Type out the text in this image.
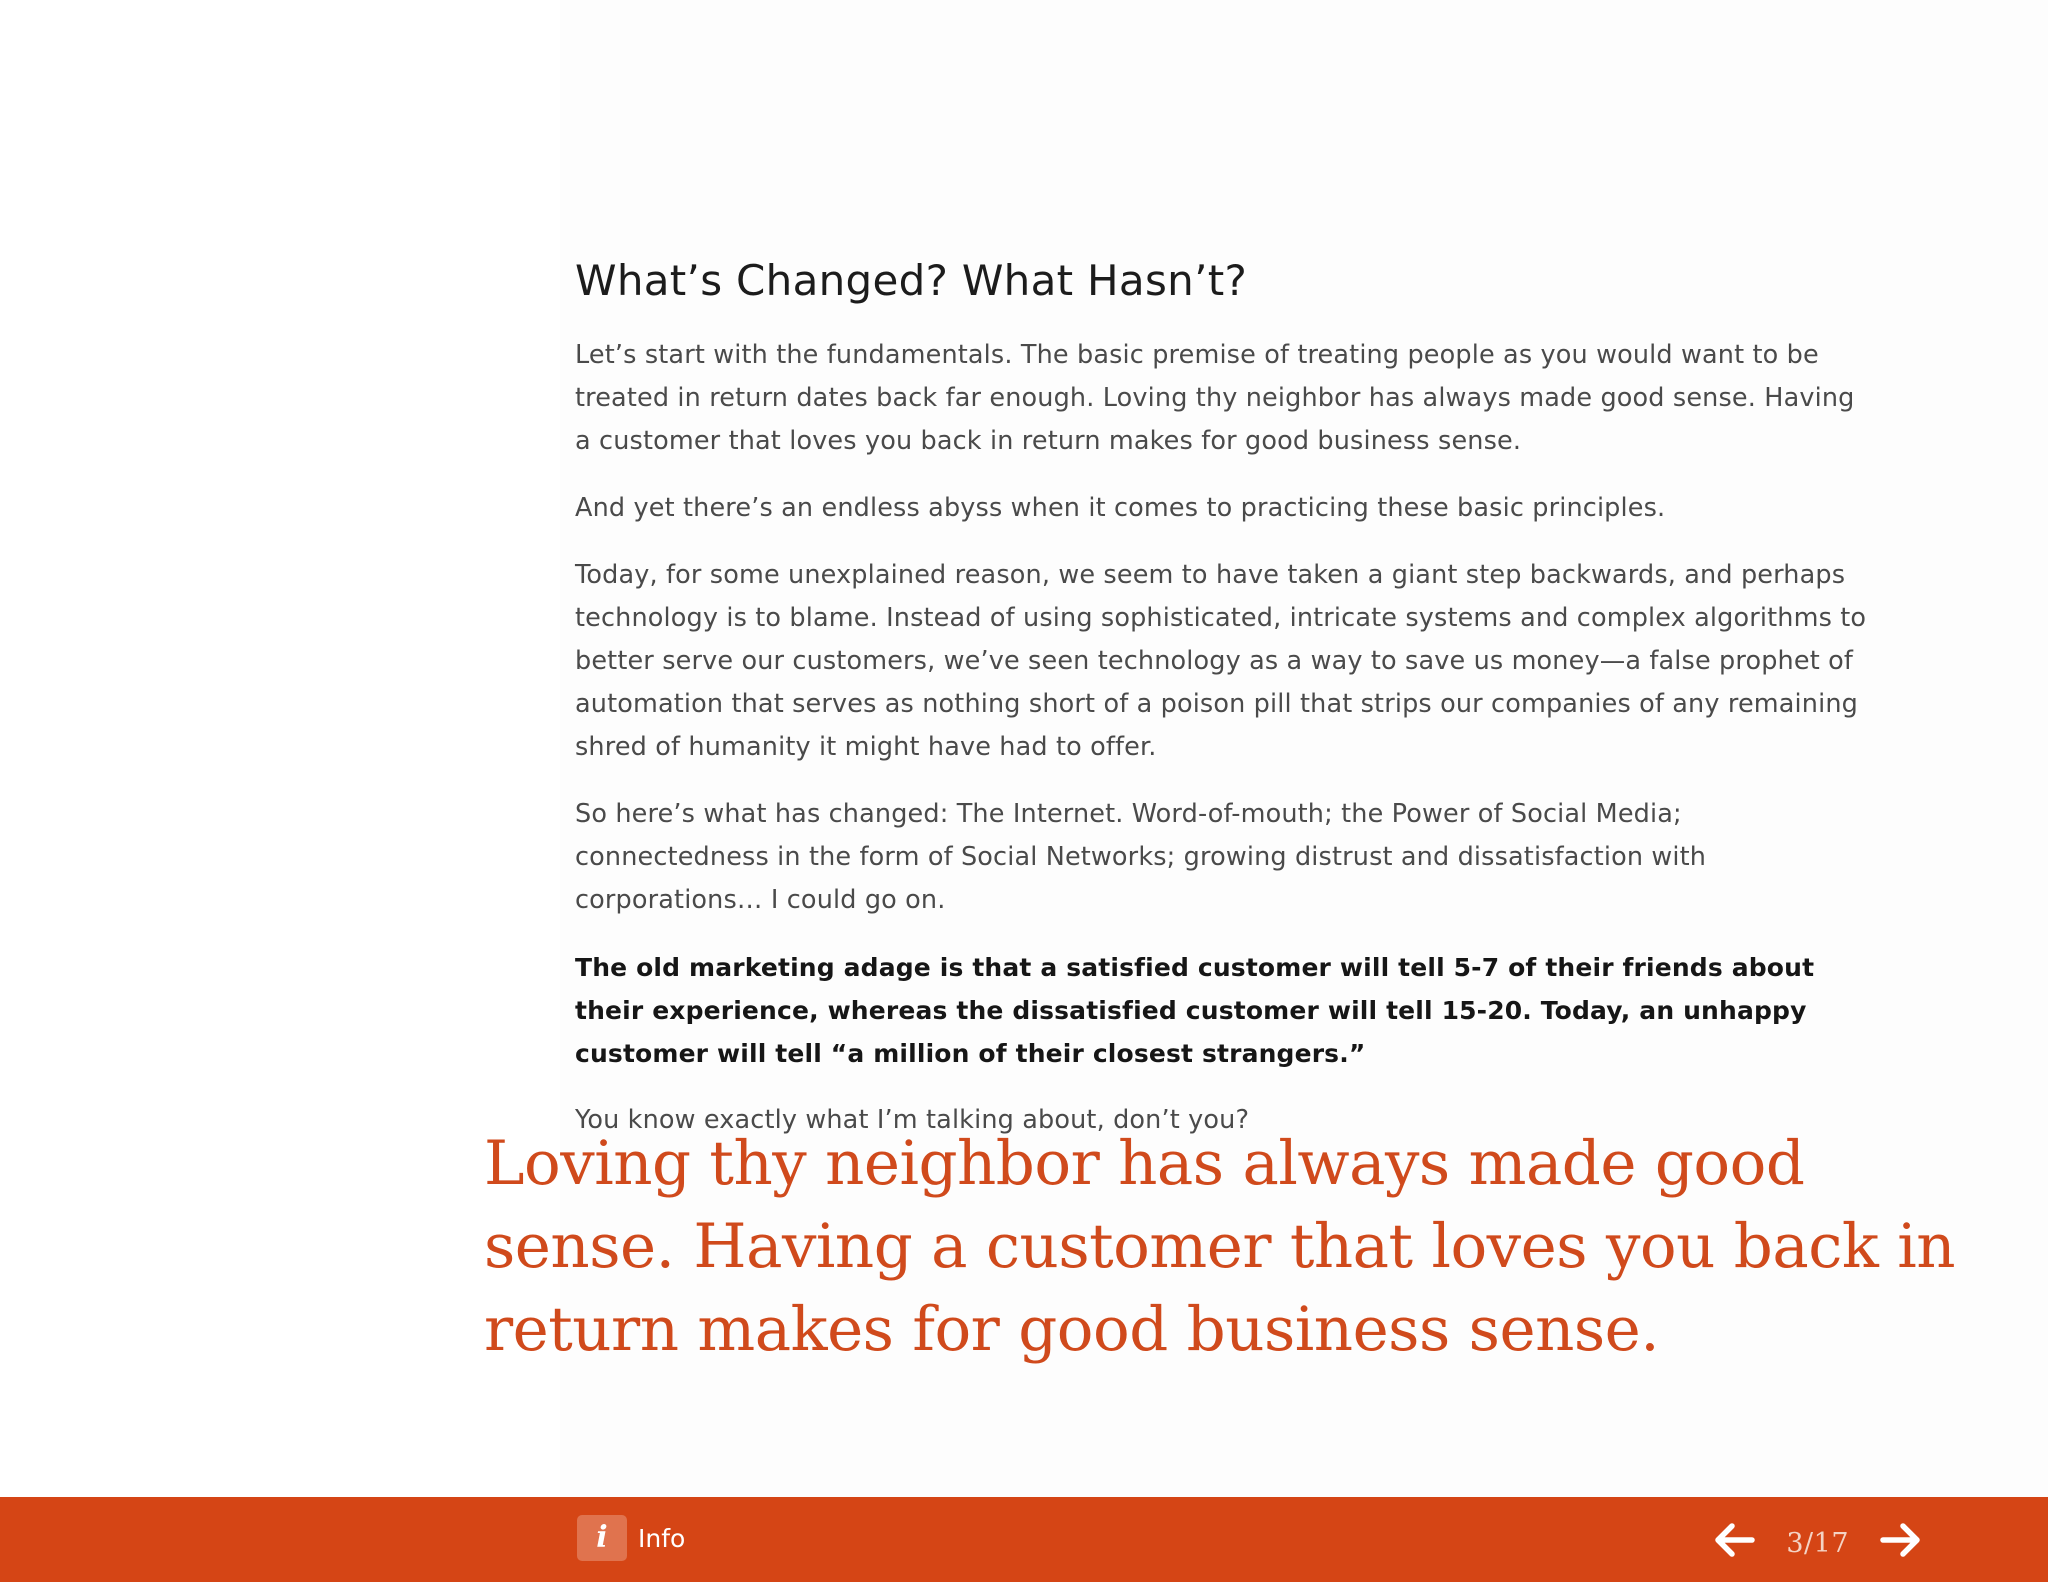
What’s Changed? What Hasn’t?

Let’s start with the fundamentals. The basic premise of treating people as you would want to be treated in return dates back far enough. Loving thy neighbor has always made good sense. Having a customer that loves you back in return makes for good business sense.

And yet there’s an endless abyss when it comes to practicing these basic principles.

Today, for some unexplained reason, we seem to have taken a giant step backwards, and perhaps technology is to blame. Instead of using sophisticated, intricate systems and complex algorithms to better serve our customers, we’ve seen technology as a way to save us money—a false prophet of automation that serves as nothing short of a poison pill that strips our companies of any remaining shred of humanity it might have had to offer.

So here’s what has changed: The Internet. Word-of-mouth; the Power of Social Media; connectedness in the form of Social Networks; growing distrust and dissatisfaction with corporations… I could go on.

The old marketing adage is that a satisfied customer will tell 5-7 of their friends about their experience, whereas the dissatisfied customer will tell 15-20. Today, an unhappy customer will tell “a million of their closest strangers.”

You know exactly what I’m talking about, don’t you?

Loving thy neighbor has always made good sense. Having a customer that loves you back in return makes for good business sense.

i Info	3/17
